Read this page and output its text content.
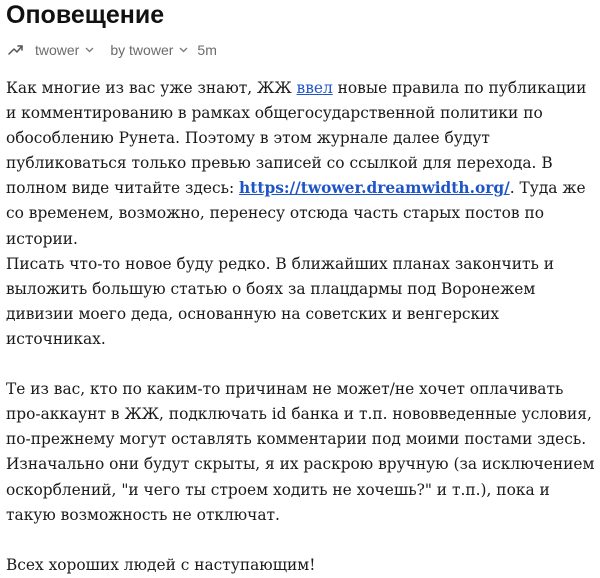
Оповещение
twower by
twower 5m

Как многие из вас уже знают, ЖЖ ввел новые правила по публикации и комментированию в рамках общегосударственной политики по обособлению Рунета. Поэтому в этом журнале далее будут публиковаться только превью записей со ссылкой для перехода. В полном виде читайте здесь: https://twower.dreamwidth.org/. Туда же со временем, возможно, перенесу отсюда часть старых постов по истории.

Писать что-то новое буду редко. В ближайших планах закончить и выложить большую статью о боях за плацдармы под Воронежем дивизии моего деда, основанную на советских и венгерских источниках.

Те из вас, кто по каким-то причинам не может/не хочет оплачивать про-аккаунт в ЖЖ, подключать id банка и т.п. нововведенные условия, по-прежнему могут оставлять комментарии под моими постами здесь. Изначально они будут скрыты, я их раскрою вручную (за исключением оскорблений, "и чего ты строем ходить не хочешь?" и т.п.), пока и такую возможность не отключат.

Всех хороших людей с наступающим!
